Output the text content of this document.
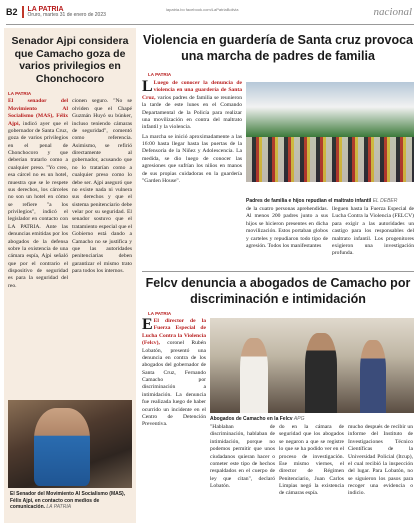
B2 LA PATRIA
Oruro, martes 31 de enero de 2023
lapatria.bo facebook.com/LaPatriaBolivia	nacional
Senador Ajpi considera que Camacho goza de varios privilegios en Chonchocoro
LA PATRIA

El senador del Movimiento Al Socialismo (MAS), Félix Ajpi, indicó ayer que el gobernador de Santa Cruz, goza de varios privilegios en el penal de Chonchocoro y que deberían tratarlo como a cualquier preso. "Yo creo, esa cárcel no es un hotel, muestra que se le respete sus derechos, los cárceles no son un hotel en cómo se refiere "a los privilegios", indicó el legislador en contacto con LA PATRIA. Ante las denuncias emitidas por los abogados de la defensa sobre la existencia de una cámara espía, Ajpi señaló que por el contrario el dispositivo de seguridad es para la seguridad del reo.

cionen seguro. "No se olviden que el Chapé Guzmán Huyó su búnker, incluso teniendo cámaras de seguridad", comentó como referencia. Asimismo, se refirió directamente al gobernador, acusando que no lo tratarían como a cualquier preso como lo debe ser. Ajpi aseguró que no existe nada ni vulnera sus derechos y que el sistema penitenciario debe velar por su seguridad. El senador sostuvo que el tratamiento especial que el Gobierno está dando a Camacho no se justifica y que las autoridades penitenciarias deben garantizar el mismo trato para todos los internos.

El Senador del Movimiento Al Socialismo (MAS), Félix Ajpi, en contacto con medios de comunicación. LA PATRIA
Violencia en guardería de Santa cruz provoca una marcha de padres de familia
LA PATRIA
Padres de familia e hijos repudian el maltrato infantil EL DEBER

L Luego de conocer la denuncia de violencia en una guardería de Santa Cruz, varios padres de familia se reunieron la tarde de este lunes en el Comando Departamental de la Policía para realizar una movilización en contra del maltrato infantil y la violencia.

La marcha se inició aproximadamente a las 16:00 hasta llegar hasta las puertas de la Defensoría de la Niñez y Adolescencia. La medida, se dio luego de conocer las agresiones que sufrían los niños en manos de sus propias cuidadoras en la guardería "Garden House".

de la cuatro personas aprehendidas. Al menos 200 padres junto a sus hijos se hicieron presentes en dicha movilización. Estos portaban globos y carteles y repudiaron todo tipo de agresión. Todos los manifestantes

lleguen hasta la Fuerza Especial de Lucha Contra la Violencia (FELCV) para exigir a las autoridades un castigo para los responsables del maltrato infantil. Los progenitores exigieron una investigación profunda.

Felcv denuncia a abogados de Camacho por discriminación e intimidación
LA PATRIA

E El director de la Fuerza Especial de Lucha Contra la Violencia (Felcv), coronel Rubén Lobatón, presentó una denuncia en contra de los abogados del gobernador de Santa Cruz, Fernando Camacho por discriminación a intimidación. La denuncia fue realizada luego de haber ocurrido un incidente en el Centro de Detención Preventiva.

Abogados de Camacho en la Felcv APG

"Hablaban de discriminación, hablaban de intimidación, porque no podemos permitir que unos ciudadanos quieran hacer o cometer este tipo de hechos respaldados en el cuerpo de ley que citan", declaró Lobatón.

do en la cámara de seguridad que los abogados se negaron a que se registre lo que se ha podido ver en el proceso de investigación. Ese mismo viernes, el director de Régimen Penitenciario, Juan Carlos Limpias negó la existencia de cámaras espía.

mucho después de recibir un informe del Instituto de Investigaciones Técnico Científicas de la Universidad Policial (Itcup), el cual recibió la inspección del lugar. Para Lobatón, no se siguieron los pasos para recoger una evidencia o indicio.
